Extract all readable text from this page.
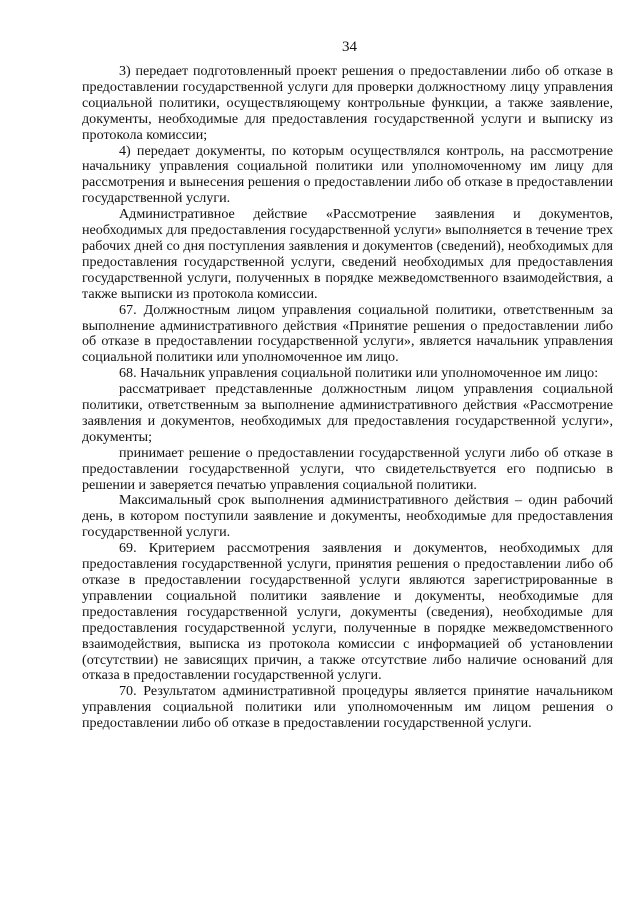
34

3) передает подготовленный проект решения о предоставлении либо об отказе в предоставлении государственной услуги для проверки должностному лицу управления социальной политики, осуществляющему контрольные функции, а также заявление, документы, необходимые для предоставления государственной услуги и выписку из протокола комиссии;

4) передает документы, по которым осуществлялся контроль, на рассмотрение начальнику управления социальной политики или уполномоченному им лицу для рассмотрения и вынесения решения о предоставлении либо об отказе в предоставлении государственной услуги.

Административное действие «Рассмотрение заявления и документов, необходимых для предоставления государственной услуги» выполняется в течение трех рабочих дней со дня поступления заявления и документов (сведений), необходимых для предоставления государственной услуги, сведений необходимых для предоставления государственной услуги, полученных в порядке межведомственного взаимодействия, а также выписки из протокола комиссии.

67. Должностным лицом управления социальной политики, ответственным за выполнение административного действия «Принятие решения о предоставлении либо об отказе в предоставлении государственной услуги», является начальник управления социальной политики или уполномоченное им лицо.

68. Начальник управления социальной политики или уполномоченное им лицо:

рассматривает представленные должностным лицом управления социальной политики, ответственным за выполнение административного действия «Рассмотрение заявления и документов, необходимых для предоставления государственной услуги», документы;

принимает решение о предоставлении государственной услуги либо об отказе в предоставлении государственной услуги, что свидетельствуется его подписью в решении и заверяется печатью управления социальной политики.

Максимальный срок выполнения административного действия – один рабочий день, в котором поступили заявление и документы, необходимые для предоставления государственной услуги.

69. Критерием рассмотрения заявления и документов, необходимых для предоставления государственной услуги, принятия решения о предоставлении либо об отказе в предоставлении государственной услуги являются зарегистрированные в управлении социальной политики заявление и документы, необходимые для предоставления государственной услуги, документы (сведения), необходимые для предоставления государственной услуги, полученные в порядке межведомственного взаимодействия, выписка из протокола комиссии с информацией об установлении (отсутствии) не зависящих причин, а также отсутствие либо наличие оснований для отказа в предоставлении государственной услуги.

70. Результатом административной процедуры является принятие начальником управления социальной политики или уполномоченным им лицом решения о предоставлении либо об отказе в предоставлении государственной услуги.
